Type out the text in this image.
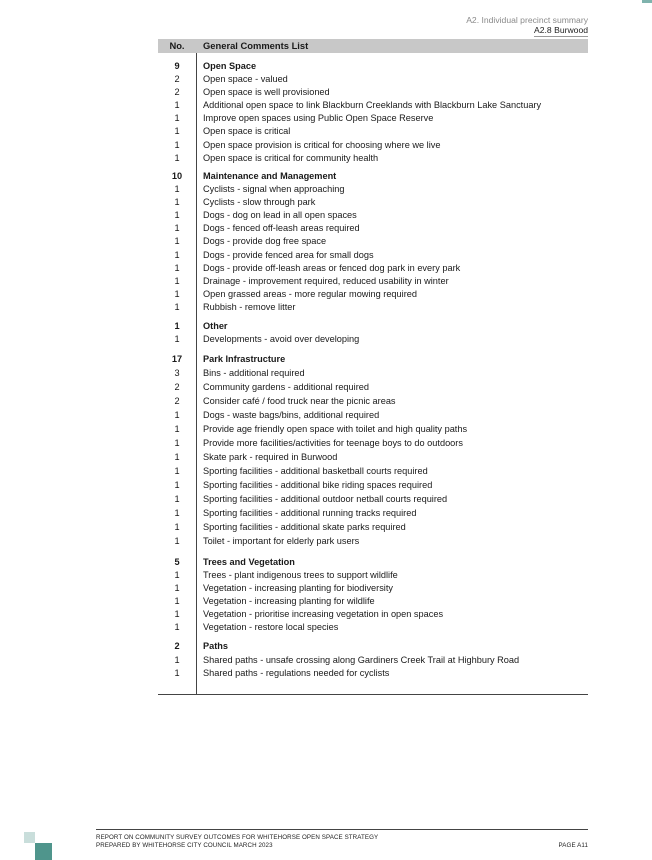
A2. Individual precinct summary
A2.8 Burwood
No.	General Comments List
9	Open Space
2	Open space - valued
2	Open space is well provisioned
1	Additional open space to link Blackburn Creeklands with Blackburn Lake Sanctuary
1	Improve open spaces using Public Open Space Reserve
1	Open space is critical
1	Open space provision is critical for choosing where we live
1	Open space is critical for community health
10	Maintenance and Management
1	Cyclists - signal when approaching
1	Cyclists - slow through park
1	Dogs - dog on lead in all open spaces
1	Dogs - fenced off-leash areas required
1	Dogs - provide dog free space
1	Dogs - provide fenced area for small dogs
1	Dogs - provide off-leash areas or fenced dog park in every park
1	Drainage - improvement required, reduced usability in winter
1	Open grassed areas - more regular mowing required
1	Rubbish - remove litter
1	Other
1	Developments - avoid over developing
17	Park Infrastructure
3	Bins - additional required
2	Community gardens - additional required
2	Consider café / food truck near the picnic areas
1	Dogs - waste bags/bins, additional required
1	Provide age friendly open space with toilet and high quality paths
1	Provide more facilities/activities for teenage boys to do outdoors
1	Skate park - required in Burwood
1	Sporting facilities - additional basketball courts required
1	Sporting facilities - additional bike riding spaces required
1	Sporting facilities - additional outdoor netball courts required
1	Sporting facilities - additional running tracks required
1	Sporting facilities - additional skate parks required
1	Toilet - important for elderly park users
5	Trees and Vegetation
1	Trees - plant indigenous trees to support wildlife
1	Vegetation - increasing planting for biodiversity
1	Vegetation - increasing planting for wildlife
1	Vegetation - prioritise increasing vegetation in open spaces
1	Vegetation - restore local species
2	Paths
1	Shared paths - unsafe crossing along Gardiners Creek Trail at Highbury Road
1	Shared paths - regulations needed for cyclists
REPORT ON COMMUNITY SURVEY OUTCOMES FOR WHITEHORSE OPEN SPACE STRATEGY
PREPARED BY WHITEHORSE CITY COUNCIL MARCH 2023	PAGE A11
